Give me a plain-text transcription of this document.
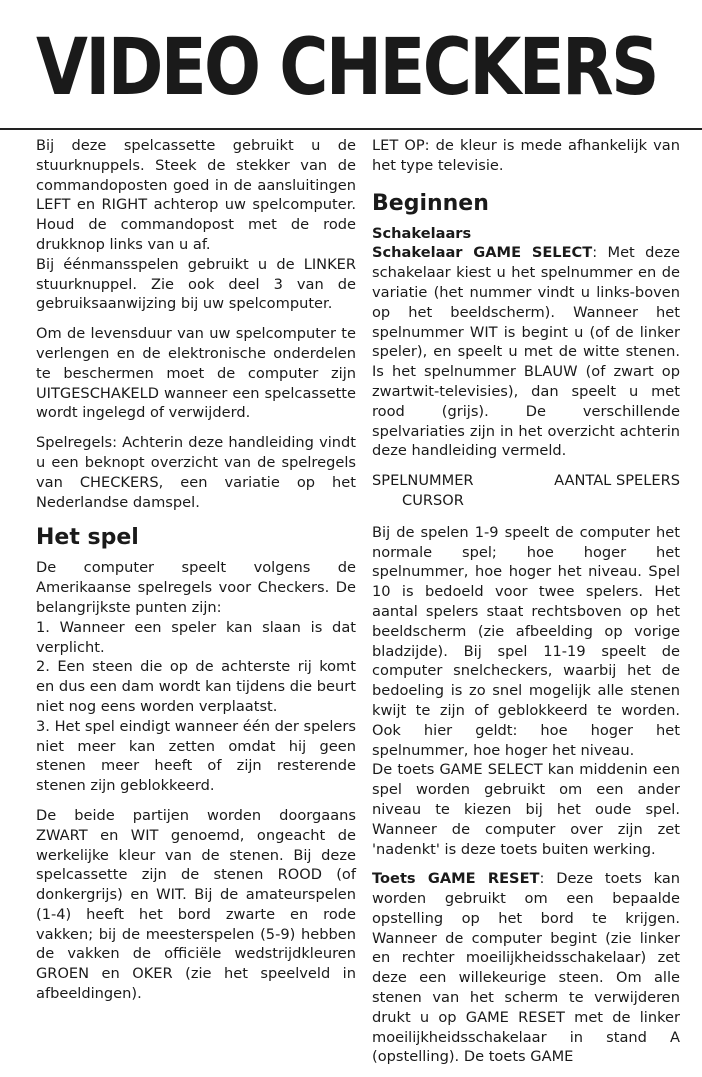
VIDEO CHECKERS

Bij deze spelcassette gebruikt u de stuurknuppels. Steek de stekker van de commandoposten goed in de aansluitingen LEFT en RIGHT achterop uw spelcomputer. Houd de commandopost met de rode drukknop links van u af.

Bij éénmansspelen gebruikt u de LINKER stuurknuppel. Zie ook deel 3 van de gebruiksaanwijzing bij uw spelcomputer.

Om de levensduur van uw spelcomputer te verlengen en de elektronische onderdelen te beschermen moet de computer zijn UITGESCHAKELD wanneer een spelcassette wordt ingelegd of verwijderd.

Spelregels: Achterin deze handleiding vindt u een beknopt overzicht van de spelregels van CHECKERS, een variatie op het Nederlandse damspel.

Het spel

De computer speelt volgens de Amerikaanse spelregels voor Checkers. De belangrijkste punten zijn:

1. Wanneer een speler kan slaan is dat verplicht.

2. Een steen die op de achterste rij komt en dus een dam wordt kan tijdens die beurt niet nog eens worden verplaatst.

3. Het spel eindigt wanneer één der spelers niet meer kan zetten omdat hij geen stenen meer heeft of zijn resterende stenen zijn geblokkeerd.

De beide partijen worden doorgaans ZWART en WIT genoemd, ongeacht de werkelijke kleur van de stenen. Bij deze spelcassette zijn de stenen ROOD (of donkergrijs) en WIT. Bij de amateurspelen (1-4) heeft het bord zwarte en rode vakken; bij de meesterspelen (5-9) hebben de vakken de officiële wedstrijdkleuren GROEN en OKER (zie het speelveld in afbeeldingen).

LET OP: de kleur is mede afhankelijk van het type televisie.

Beginnen
Schakelaars

Schakelaar GAME SELECT: Met deze schakelaar kiest u het spelnummer en de variatie (het nummer vindt u links-boven op het beeldscherm). Wanneer het spelnummer WIT is begint u (of de linker speler), en speelt u met de witte stenen. Is het spelnummer BLAUW (of zwart op zwartwit-televisies), dan speelt u met rood (grijs). De verschillende spelvariaties zijn in het overzicht achterin deze handleiding vermeld.

SPELNUMMER	AANTAL SPELERS
CURSOR

Bij de spelen 1-9 speelt de computer het normale spel; hoe hoger het spelnummer, hoe hoger het niveau. Spel 10 is bedoeld voor twee spelers. Het aantal spelers staat rechtsboven op het beeldscherm (zie afbeelding op vorige bladzijde). Bij spel 11-19 speelt de computer snelcheckers, waarbij het de bedoeling is zo snel mogelijk alle stenen kwijt te zijn of geblokkeerd te worden. Ook hier geldt: hoe hoger het spelnummer, hoe hoger het niveau.

De toets GAME SELECT kan middenin een spel worden gebruikt om een ander niveau te kiezen bij het oude spel. Wanneer de computer over zijn zet 'nadenkt' is deze toets buiten werking.

Toets GAME RESET: Deze toets kan worden gebruikt om een bepaalde opstelling op het bord te krijgen. Wanneer de computer begint (zie linker en rechter moeilijkheidsschakelaar) zet deze een willekeurige steen. Om alle stenen van het scherm te verwijderen drukt u op GAME RESET met de linker moeilijkheidsschakelaar in stand A (opstelling). De toets GAME
